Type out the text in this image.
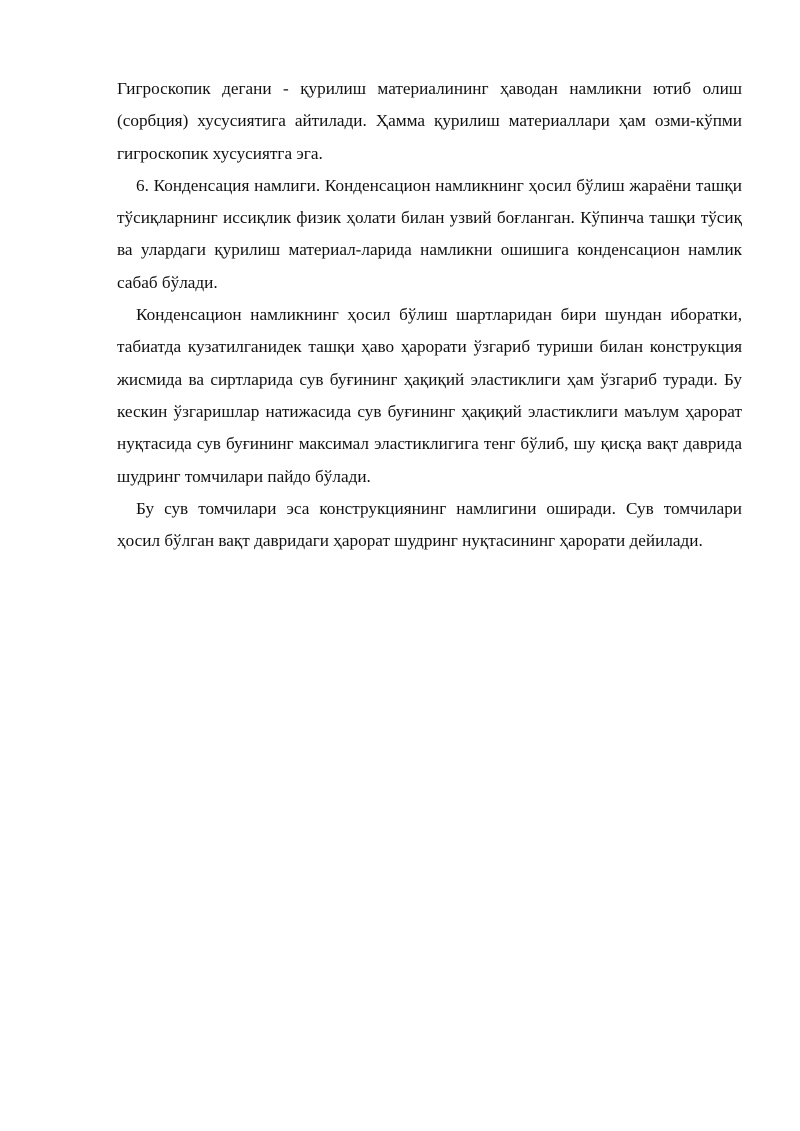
Гигроскопик дегани - қурилиш материалининг ҳаводан намликни ютиб олиш (сорбция) хусусиятига айтилади. Ҳамма қурилиш материаллари ҳам озми-кўпми гигроскопик хусусиятга эга.

6. Конденсация намлиги. Конденсацион намликнинг ҳосил бўлиш жараёни ташқи тўсиқларнинг иссиқлик физик ҳолати билан узвий боғланган. Кўпинча ташқи тўсиқ ва улардаги қурилиш материал-ларида намликни ошишига конденсацион намлик сабаб бўлади.

Конденсацион намликнинг ҳосил бўлиш шартларидан бири шундан иборатки, табиатда кузатилганидек ташқи ҳаво ҳарорати ўзгариб туриши билан конструкция жисмида ва сиртларида сув буғининг ҳақиқий эластиклиги ҳам ўзгариб туради. Бу кескин ўзгаришлар натижасида сув буғининг ҳақиқий эластиклиги маълум ҳарорат нуқтасида сув буғининг максимал эластиклигига тенг бўлиб, шу қисқа вақт даврида шудринг томчилари пайдо бўлади.

Бу сув томчилари эса конструкциянинг намлигини оширади. Сув томчилари ҳосил бўлган вақт давридаги ҳарорат шудринг нуқтасининг ҳарорати дейилади.
